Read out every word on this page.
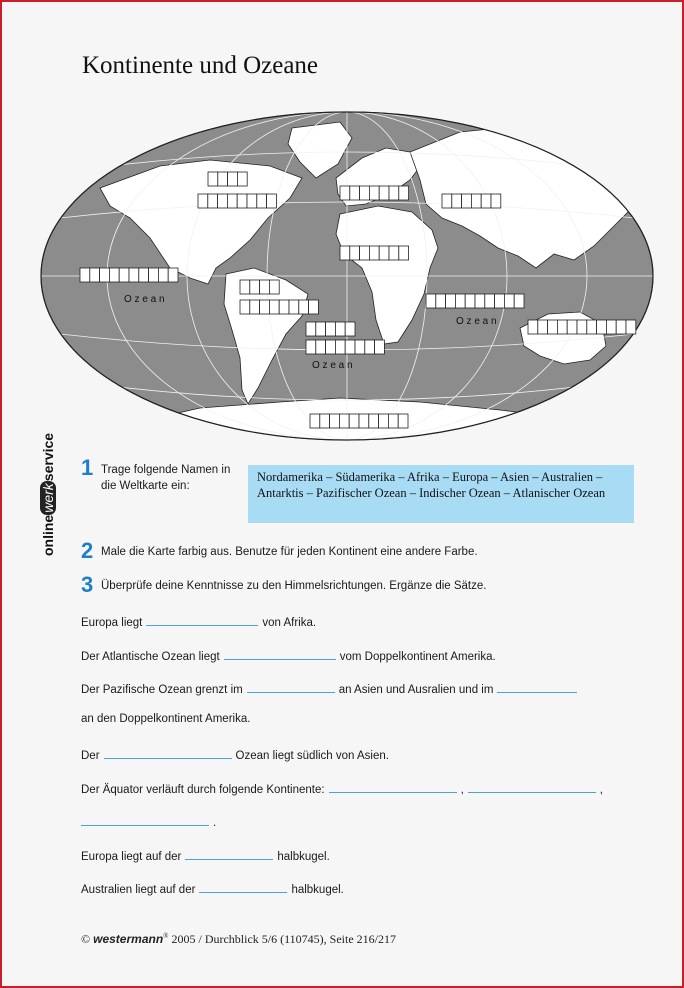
Kontinente und Ozeane
O z e a n
O z e a n
O z e a n
onlinewerkservice 1 Trage folgende Namen in die Weltkarte ein:
Nordamerika – Südamerika – Afrika – Europa – Asien – Australien – Antarktis – Pazifischer Ozean – Indischer Ozean – Atlanischer Ozean
2 Male die Karte farbig aus. Benutze für jeden Kontinent eine andere Farbe.
3 Überprüfe deine Kenntnisse zu den Himmelsrichtungen. Ergänze die Sätze.
Europa liegt	von Afrika.
Der Atlantische Ozean liegt	vom Doppelkontinent Amerika.
Der Pazifische Ozean grenzt im	an Asien und Ausralien und im
an den Doppelkontinent Amerika.
Der	Ozean liegt südlich von Asien.
Der Äquator verläuft durch folgende Kontinente:	,	,
.
Europa liegt auf der	halbkugel.
Australien liegt auf der	halbkugel.
© westermann® 2005 / Durchblick 5/6 (110745), Seite 216/217
